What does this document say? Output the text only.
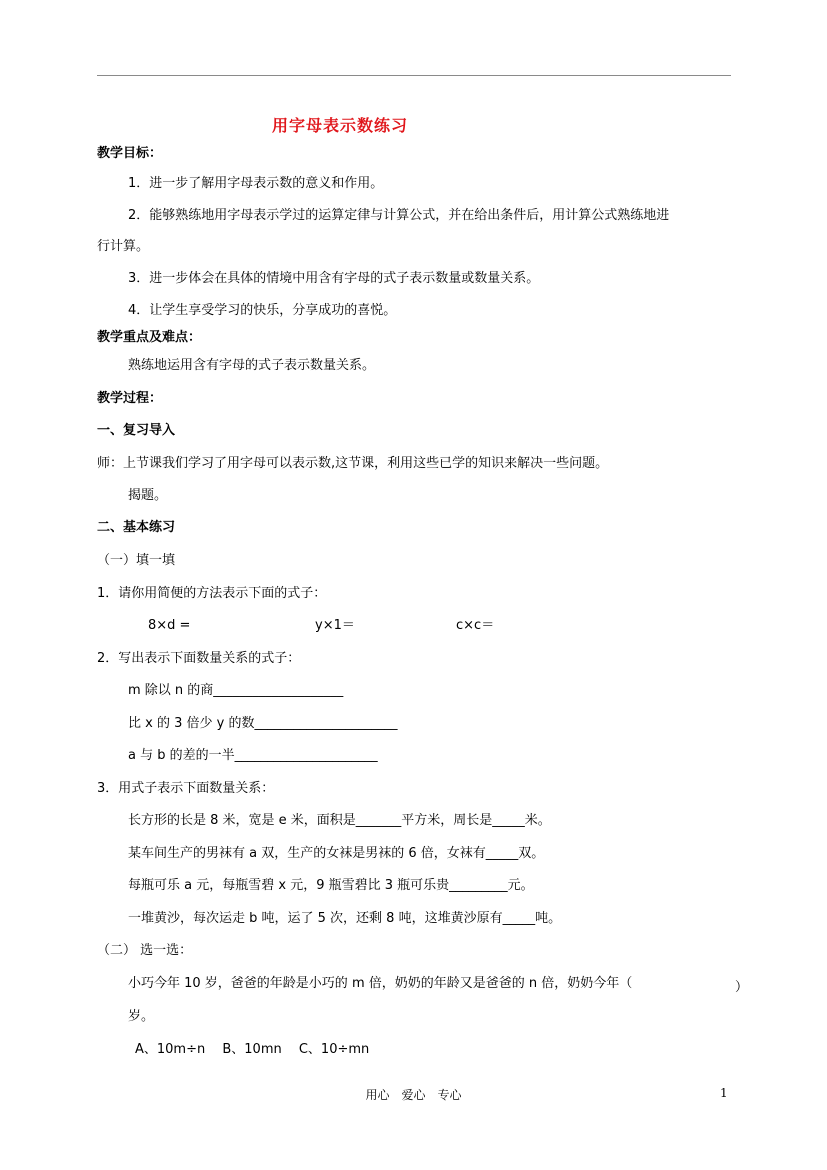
用字母表示数练习
教学目标：
1．进一步了解用字母表示数的意义和作用。
2．能够熟练地用字母表示学过的运算定律与计算公式，并在给出条件后，用计算公式熟练地进
行计算。
3．进一步体会在具体的情境中用含有字母的式子表示数量或数量关系。
4．让学生享受学习的快乐，分享成功的喜悦。
教学重点及难点：
熟练地运用含有字母的式子表示数量关系。
教学过程：
一、复习导入
师：上节课我们学习了用字母可以表示数,这节课，利用这些已学的知识来解决一些问题。
揭题。
二、基本练习
（一）填一填
1．请你用简便的方法表示下面的式子：
8×d =	y×1＝	c×c＝
2．写出表示下面数量关系的式子：
m 除以 n 的商____________________
比 x 的 3 倍少 y 的数______________________
a 与 b 的差的一半______________________
3．用式子表示下面数量关系：
长方形的长是 8 米，宽是 e 米，面积是_______平方米，周长是_____米。
某车间生产的男袜有 a 双，生产的女袜是男袜的 6 倍，女袜有_____双。
每瓶可乐 a 元，每瓶雪碧 x 元，9 瓶雪碧比 3 瓶可乐贵_________元。
一堆黄沙，每次运走 b 吨，运了 5 次，还剩 8 吨，这堆黄沙原有_____吨。
（二） 选一选：
小巧今年 10 岁，爸爸的年龄是小巧的 m 倍，奶奶的年龄又是爸爸的 n 倍，奶奶今年（	）
岁。
A、10m÷n　 B、10mn　 C、10÷mn
用心　爱心　专心	1
